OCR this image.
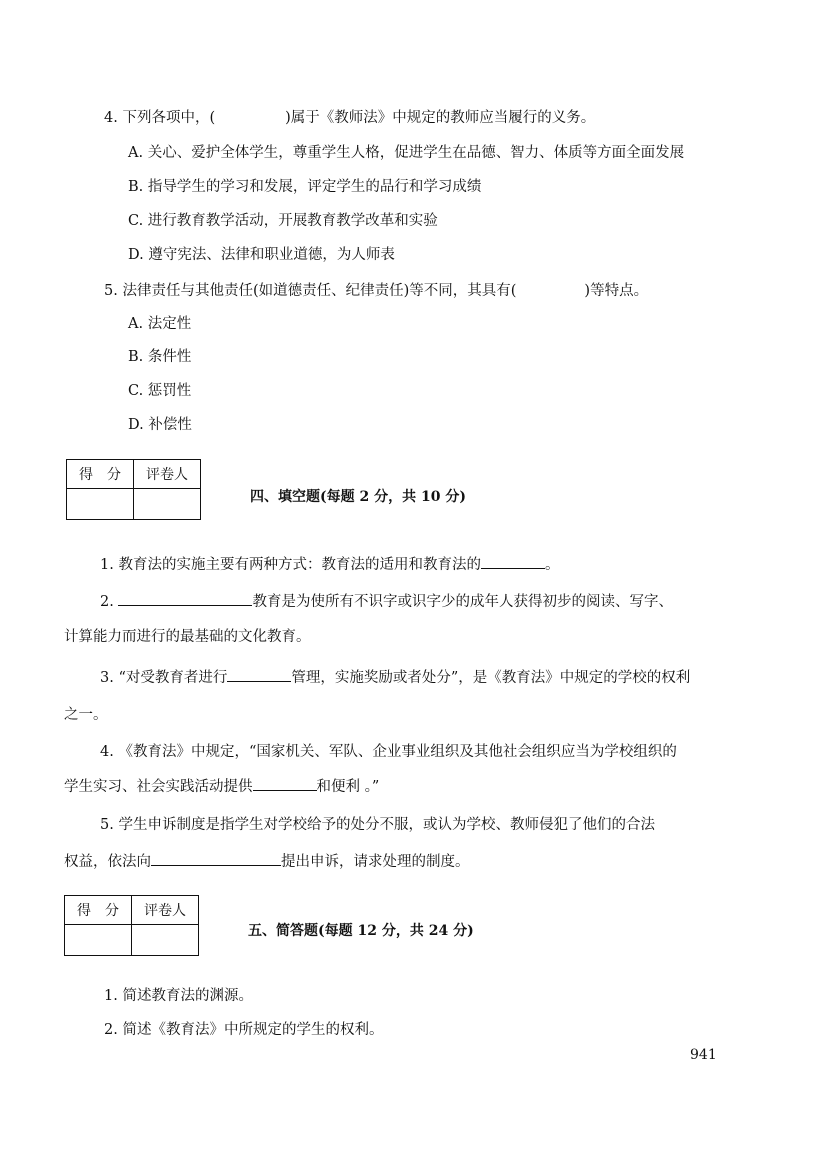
4. 下列各项中，(	)属于《教师法》中规定的教师应当履行的义务。
A. 关心、爱护全体学生，尊重学生人格，促进学生在品德、智力、体质等方面全面发展
B. 指导学生的学习和发展，评定学生的品行和学习成绩
C. 进行教育教学活动，开展教育教学改革和实验
D. 遵守宪法、法律和职业道德，为人师表
5. 法律责任与其他责任(如道德责任、纪律责任)等不同，其具有(	)等特点。
A. 法定性
B. 条件性
C. 惩罚性
D. 补偿性
得　分	评卷人

四、填空题(每题 2 分，共 10 分)
1. 教育法的实施主要有两种方式：教育法的适用和教育法的	。
2.	教育是为使所有不识字或识字少的成年人获得初步的阅读、写字、
计算能力而进行的最基础的文化教育。
3. “对受教育者进行	管理，实施奖励或者处分”，是《教育法》中规定的学校的权利
之一。
4. 《教育法》中规定，“国家机关、军队、企业事业组织及其他社会组织应当为学校组织的
学生实习、社会实践活动提供	和便利 。”
5. 学生申诉制度是指学生对学校给予的处分不服，或认为学校、教师侵犯了他们的合法
权益，依法向	提出申诉，请求处理的制度。
得　分	评卷人

五、简答题(每题 12 分，共 24 分)
1. 简述教育法的渊源。
2. 简述《教育法》中所规定的学生的权利。
941
